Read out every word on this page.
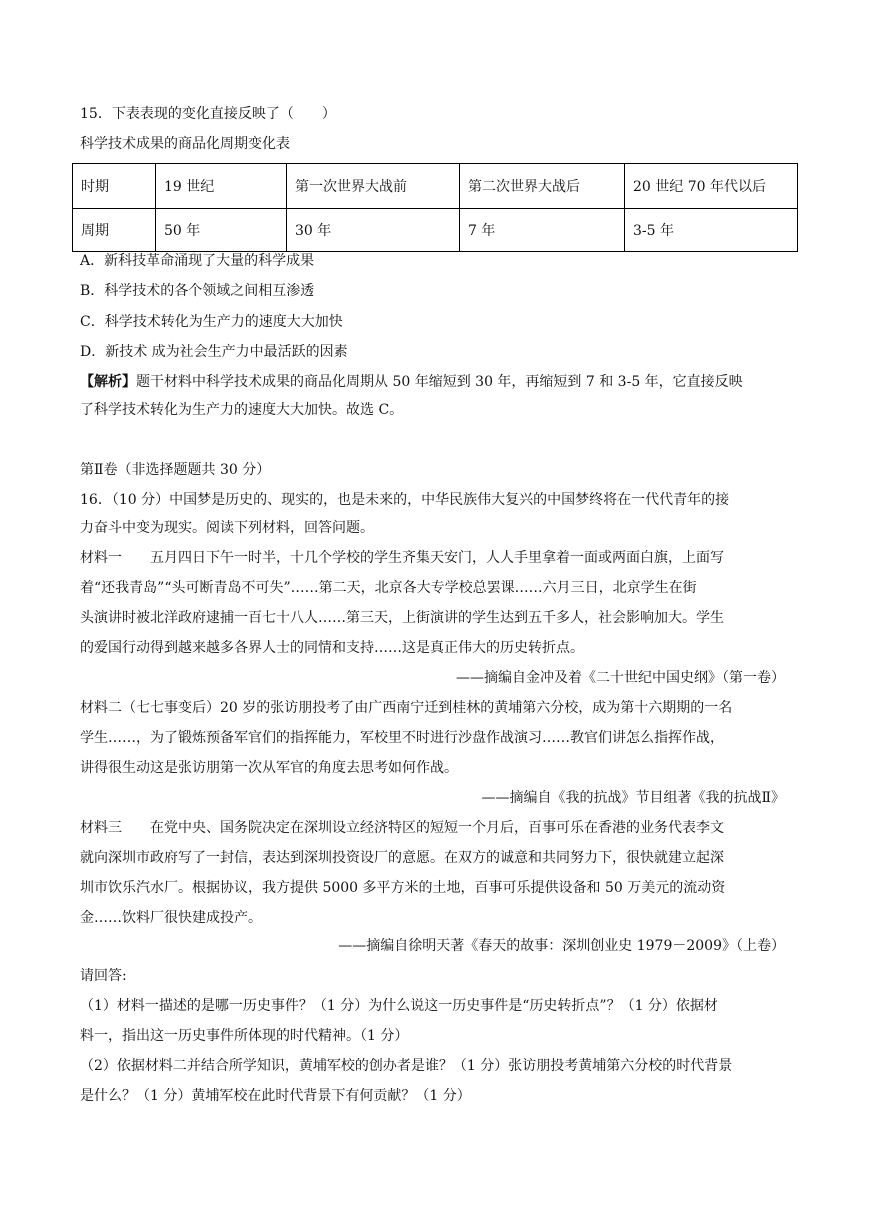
15．下表表现的变化直接反映了（　　）
科学技术成果的商品化周期变化表
时期	19 世纪	第一次世界大战前	第二次世界大战后	20 世纪 70 年代以后
周期	50 年	30 年	7 年	3-5 年
A．新科技革命涌现了大量的科学成果
B．科学技术的各个领域之间相互渗透
C．科学技术转化为生产力的速度大大加快
D．新技术 成为社会生产力中最活跃的因素
【解析】题干材料中科学技术成果的商品化周期从 50 年缩短到 30 年，再缩短到 7 和 3-5 年，它直接反映
了科学技术转化为生产力的速度大大加快。故选 C。
第Ⅱ卷（非选择题题共 30 分）
16．（10 分）中国梦是历史的、现实的，也是未来的，中华民族伟大复兴的中国梦终将在一代代青年的接
力奋斗中变为现实。阅读下列材料，回答问题。
材料一　　五月四日下午一时半，十几个学校的学生齐集天安门，人人手里拿着一面或两面白旗，上面写
着“还我青岛”“头可断青岛不可失”……第二天，北京各大专学校总罢课……六月三日，北京学生在街
头演讲时被北洋政府逮捕一百七十八人……第三天，上街演讲的学生达到五千多人，社会影响加大。学生
的爱国行动得到越来越多各界人士的同情和支持……这是真正伟大的历史转折点。
——摘编自金冲及着《二十世纪中国史纲》（第一卷）
材料二（七七事变后）20 岁的张访朋投考了由广西南宁迁到桂林的黄埔第六分校，成为第十六期期的一名
学生……，为了锻炼预备军官们的指挥能力，军校里不时进行沙盘作战演习……教官们讲怎么指挥作战，
讲得很生动这是张访朋第一次从军官的角度去思考如何作战。
——摘编自《我的抗战》节目组著《我的抗战Ⅱ》
材料三　　在党中央、国务院决定在深圳设立经济特区的短短一个月后，百事可乐在香港的业务代表李文
就向深圳市政府写了一封信，表达到深圳投资设厂的意愿。在双方的诚意和共同努力下，很快就建立起深
圳市饮乐汽水厂。根据协议，我方提供 5000 多平方米的土地，百事可乐提供设备和 50 万美元的流动资
金……饮料厂很快建成投产。
——摘编自徐明天著《春天的故事：深圳创业史 1979－2009》（上卷）
请回答:
（1）材料一描述的是哪一历史事件？（1 分）为什么说这一历史事件是“历史转折点”？（1 分）依据材
料一，指出这一历史事件所体现的时代精神。（1 分）
（2）依据材料二并结合所学知识，黄埔军校的创办者是谁？（1 分）张访朋投考黄埔第六分校的时代背景
是什么？（1 分）黄埔军校在此时代背景下有何贡献？（1 分）
